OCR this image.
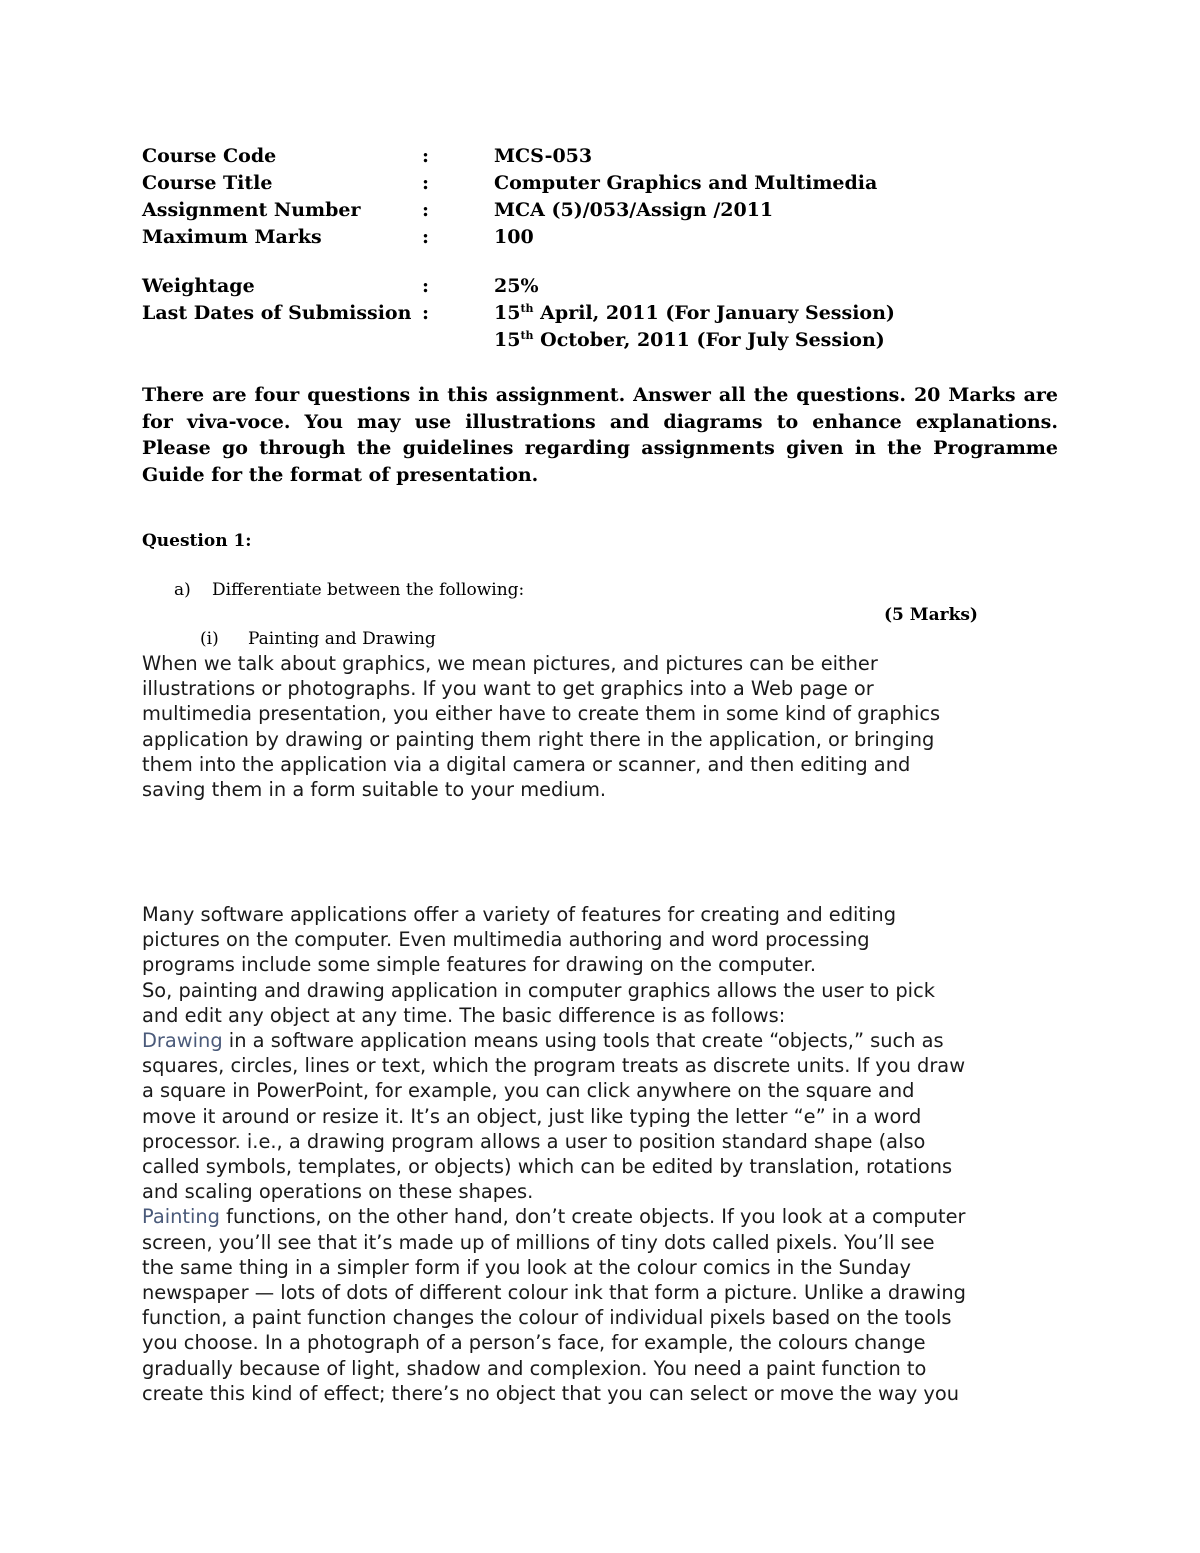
Course Code	:	MCS-053
Course Title	:	Computer Graphics and Multimedia
Assignment Number	:	MCA (5)/053/Assign /2011
Maximum Marks	:	100
Weightage	:	25%
Last Dates of Submission :	15th April, 2011 (For January Session)
15th October, 2011 (For July Session)
There are four questions in this assignment. Answer all the questions. 20 Marks are for viva-voce. You may use illustrations and diagrams to enhance explanations. Please go through the guidelines regarding assignments given in the Programme Guide for the format of presentation.
Question 1:
a) Differentiate between the following:
(5 Marks)
(i) Painting and Drawing
When we talk about graphics, we mean pictures, and pictures can be either
illustrations or photographs. If you want to get graphics into a Web page or
multimedia presentation, you either have to create them in some kind of graphics
application by drawing or painting them right there in the application, or bringing
them into the application via a digital camera or scanner, and then editing and
saving them in a form suitable to your medium.
Many software applications offer a variety of features for creating and editing
pictures on the computer. Even multimedia authoring and word processing
programs include some simple features for drawing on the computer.
So, painting and drawing application in computer graphics allows the user to pick
and edit any object at any time. The basic difference is as follows:
Drawing in a software application means using tools that create “objects,” such as
squares, circles, lines or text, which the program treats as discrete units. If you draw
a square in PowerPoint, for example, you can click anywhere on the square and
move it around or resize it. It’s an object, just like typing the letter “e” in a word
processor. i.e., a drawing program allows a user to position standard shape (also
called symbols, templates, or objects) which can be edited by translation, rotations
and scaling operations on these shapes.
Painting functions, on the other hand, don’t create objects. If you look at a computer
screen, you’ll see that it’s made up of millions of tiny dots called pixels. You’ll see
the same thing in a simpler form if you look at the colour comics in the Sunday
newspaper — lots of dots of different colour ink that form a picture. Unlike a drawing
function, a paint function changes the colour of individual pixels based on the tools
you choose. In a photograph of a person’s face, for example, the colours change
gradually because of light, shadow and complexion. You need a paint function to
create this kind of effect; there’s no object that you can select or move the way you
